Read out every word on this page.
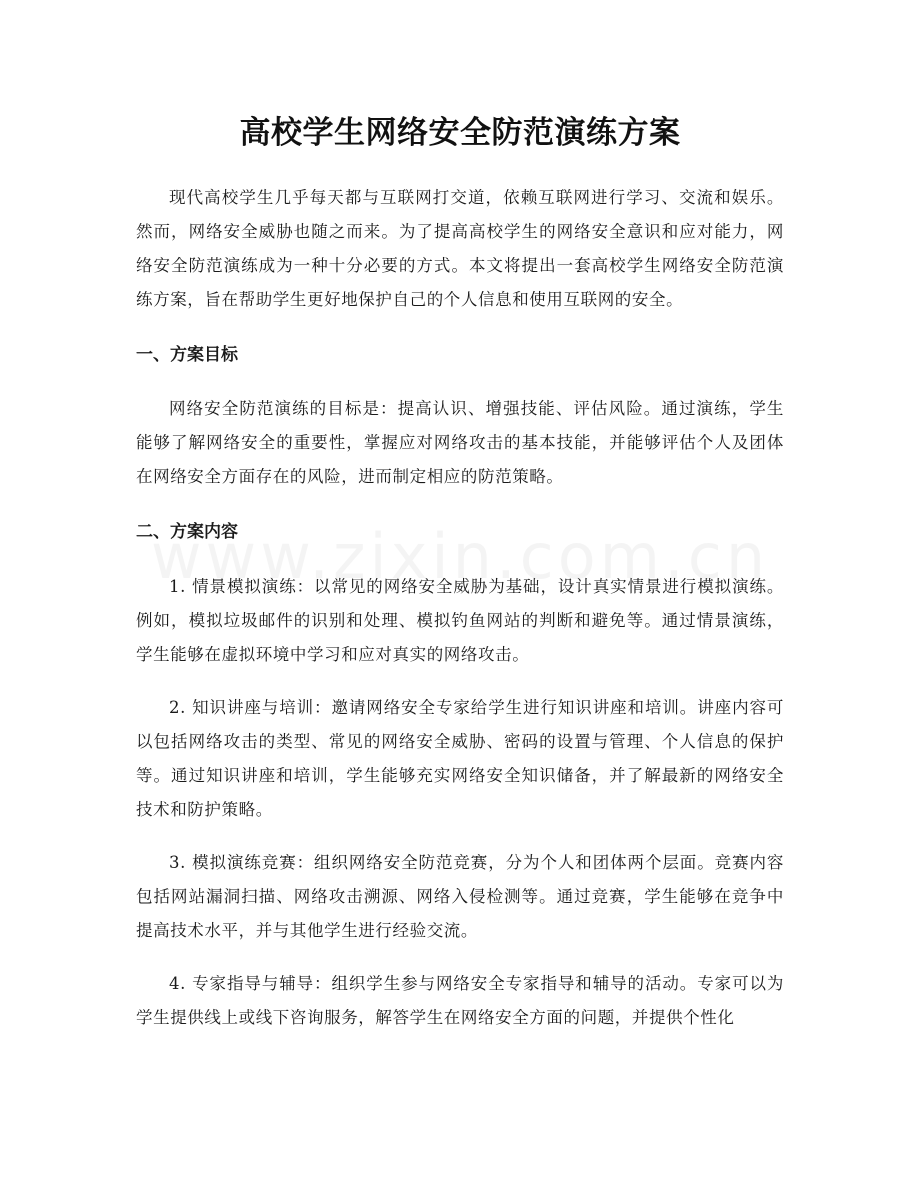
高校学生网络安全防范演练方案

现代高校学生几乎每天都与互联网打交道，依赖互联网进行学习、交流和娱乐。然而，网络安全威胁也随之而来。为了提高高校学生的网络安全意识和应对能力，网络安全防范演练成为一种十分必要的方式。本文将提出一套高校学生网络安全防范演练方案，旨在帮助学生更好地保护自己的个人信息和使用互联网的安全。

一、方案目标

网络安全防范演练的目标是：提高认识、增强技能、评估风险。通过演练，学生能够了解网络安全的重要性，掌握应对网络攻击的基本技能，并能够评估个人及团体在网络安全方面存在的风险，进而制定相应的防范策略。

二、方案内容

1. 情景模拟演练：以常见的网络安全威胁为基础，设计真实情景进行模拟演练。例如，模拟垃圾邮件的识别和处理、模拟钓鱼网站的判断和避免等。通过情景演练，学生能够在虚拟环境中学习和应对真实的网络攻击。

2. 知识讲座与培训：邀请网络安全专家给学生进行知识讲座和培训。讲座内容可以包括网络攻击的类型、常见的网络安全威胁、密码的设置与管理、个人信息的保护等。通过知识讲座和培训，学生能够充实网络安全知识储备，并了解最新的网络安全技术和防护策略。

3. 模拟演练竞赛：组织网络安全防范竞赛，分为个人和团体两个层面。竞赛内容包括网站漏洞扫描、网络攻击溯源、网络入侵检测等。通过竞赛，学生能够在竞争中提高技术水平，并与其他学生进行经验交流。

4. 专家指导与辅导：组织学生参与网络安全专家指导和辅导的活动。专家可以为学生提供线上或线下咨询服务，解答学生在网络安全方面的问题，并提供个性化
